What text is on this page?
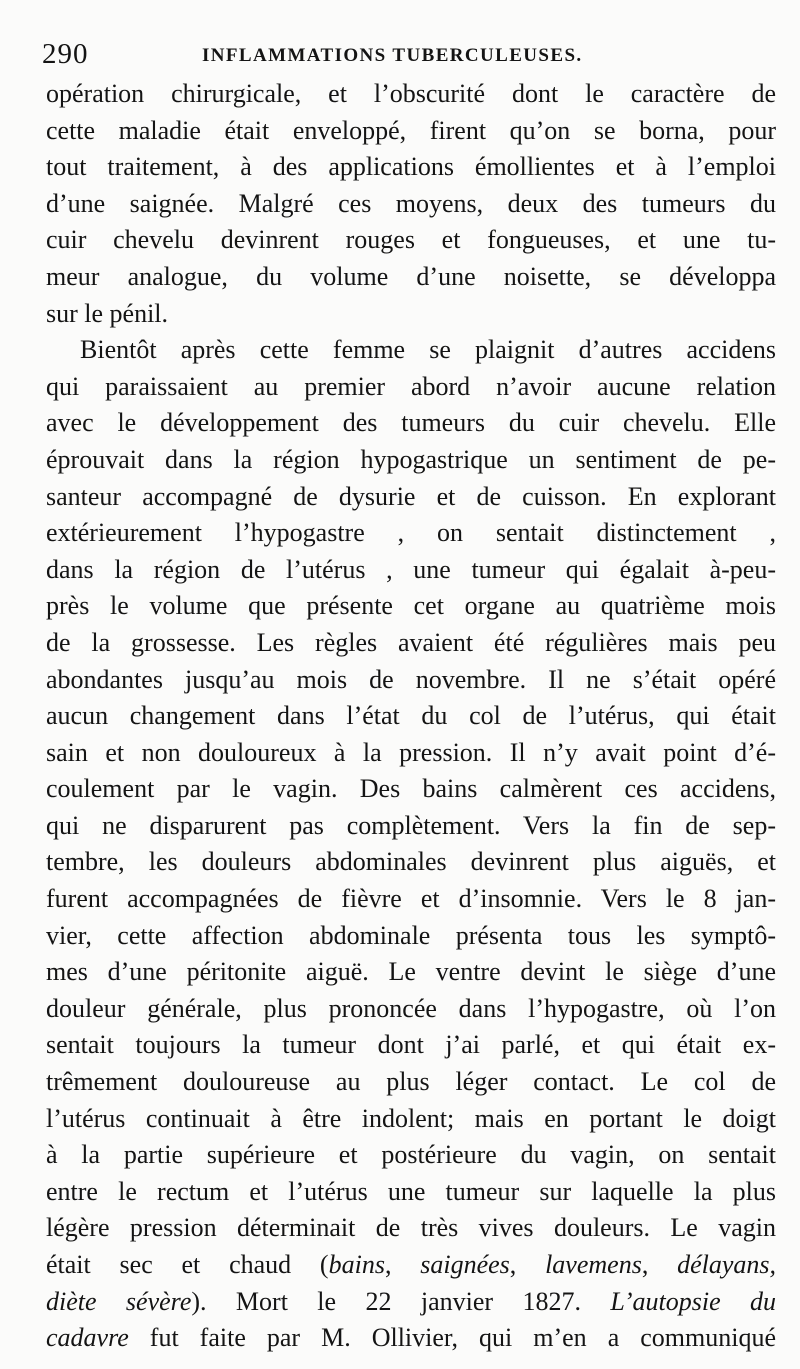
290	INFLAMMATIONS TUBERCULEUSES.
opération chirurgicale, et l’obscurité dont le caractère de
cette maladie était enveloppé, firent qu’on se borna, pour
tout traitement, à des applications émollientes et à l’emploi
d’une saignée. Malgré ces moyens, deux des tumeurs du
cuir chevelu devinrent rouges et fongueuses, et une tu-
meur analogue, du volume d’une noisette, se développa
sur le pénil.
Bientôt après cette femme se plaignit d’autres accidens
qui paraissaient au premier abord n’avoir aucune relation
avec le développement des tumeurs du cuir chevelu. Elle
éprouvait dans la région hypogastrique un sentiment de pe-
santeur accompagné de dysurie et de cuisson. En explorant
extérieurement l’hypogastre , on sentait distinctement ,
dans la région de l’utérus , une tumeur qui égalait à-peu-
près le volume que présente cet organe au quatrième mois
de la grossesse. Les règles avaient été régulières mais peu
abondantes jusqu’au mois de novembre. Il ne s’était opéré
aucun changement dans l’état du col de l’utérus, qui était
sain et non douloureux à la pression. Il n’y avait point d’é-
coulement par le vagin. Des bains calmèrent ces accidens,
qui ne disparurent pas complètement. Vers la fin de sep-
tembre, les douleurs abdominales devinrent plus aiguës, et
furent accompagnées de fièvre et d’insomnie. Vers le 8 jan-
vier, cette affection abdominale présenta tous les symptô-
mes d’une péritonite aiguë. Le ventre devint le siège d’une
douleur générale, plus prononcée dans l’hypogastre, où l’on
sentait toujours la tumeur dont j’ai parlé, et qui était ex-
trêmement douloureuse au plus léger contact. Le col de
l’utérus continuait à être indolent; mais en portant le doigt
à la partie supérieure et postérieure du vagin, on sentait
entre le rectum et l’utérus une tumeur sur laquelle la plus
légère pression déterminait de très vives douleurs. Le vagin
était sec et chaud (bains, saignées, lavemens, délayans,
diète sévère). Mort le 22 janvier 1827. L’autopsie du
cadavre fut faite par M. Ollivier, qui m’en a communiqué
